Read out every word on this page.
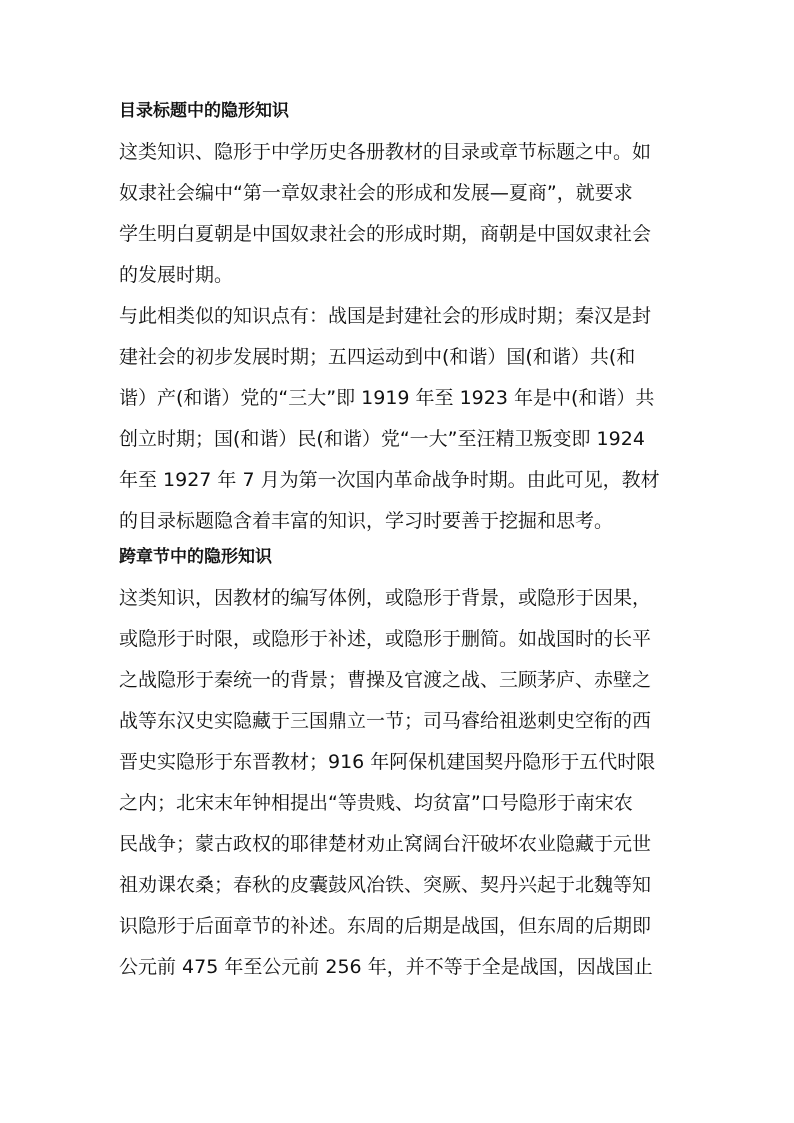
目录标题中的隐形知识

这类知识、隐形于中学历史各册教材的目录或章节标题之中。如
奴隶社会编中“第一章奴隶社会的形成和发展—夏商”，就要求
学生明白夏朝是中国奴隶社会的形成时期，商朝是中国奴隶社会
的发展时期。

与此相类似的知识点有：战国是封建社会的形成时期；秦汉是封
建社会的初步发展时期；五四运动到中(和谐）国(和谐）共(和
谐）产(和谐）党的“三大”即 1919 年至 1923 年是中(和谐）共
创立时期；国(和谐）民(和谐）党“一大”至汪精卫叛变即 1924
年至 1927 年 7 月为第一次国内革命战争时期。由此可见，教材
的目录标题隐含着丰富的知识，学习时要善于挖掘和思考。

跨章节中的隐形知识

这类知识，因教材的编写体例，或隐形于背景，或隐形于因果，
或隐形于时限，或隐形于补述，或隐形于删简。如战国时的长平
之战隐形于秦统一的背景；曹操及官渡之战、三顾茅庐、赤壁之
战等东汉史实隐藏于三国鼎立一节；司马睿给祖逖刺史空衔的西
晋史实隐形于东晋教材；916 年阿保机建国契丹隐形于五代时限
之内；北宋末年钟相提出“等贵贱、均贫富”口号隐形于南宋农
民战争；蒙古政权的耶律楚材劝止窝阔台汗破坏农业隐藏于元世
祖劝课农桑；春秋的皮囊鼓风冶铁、突厥、契丹兴起于北魏等知
识隐形于后面章节的补述。东周的后期是战国，但东周的后期即
公元前 475 年至公元前 256 年，并不等于全是战国，因战国止
